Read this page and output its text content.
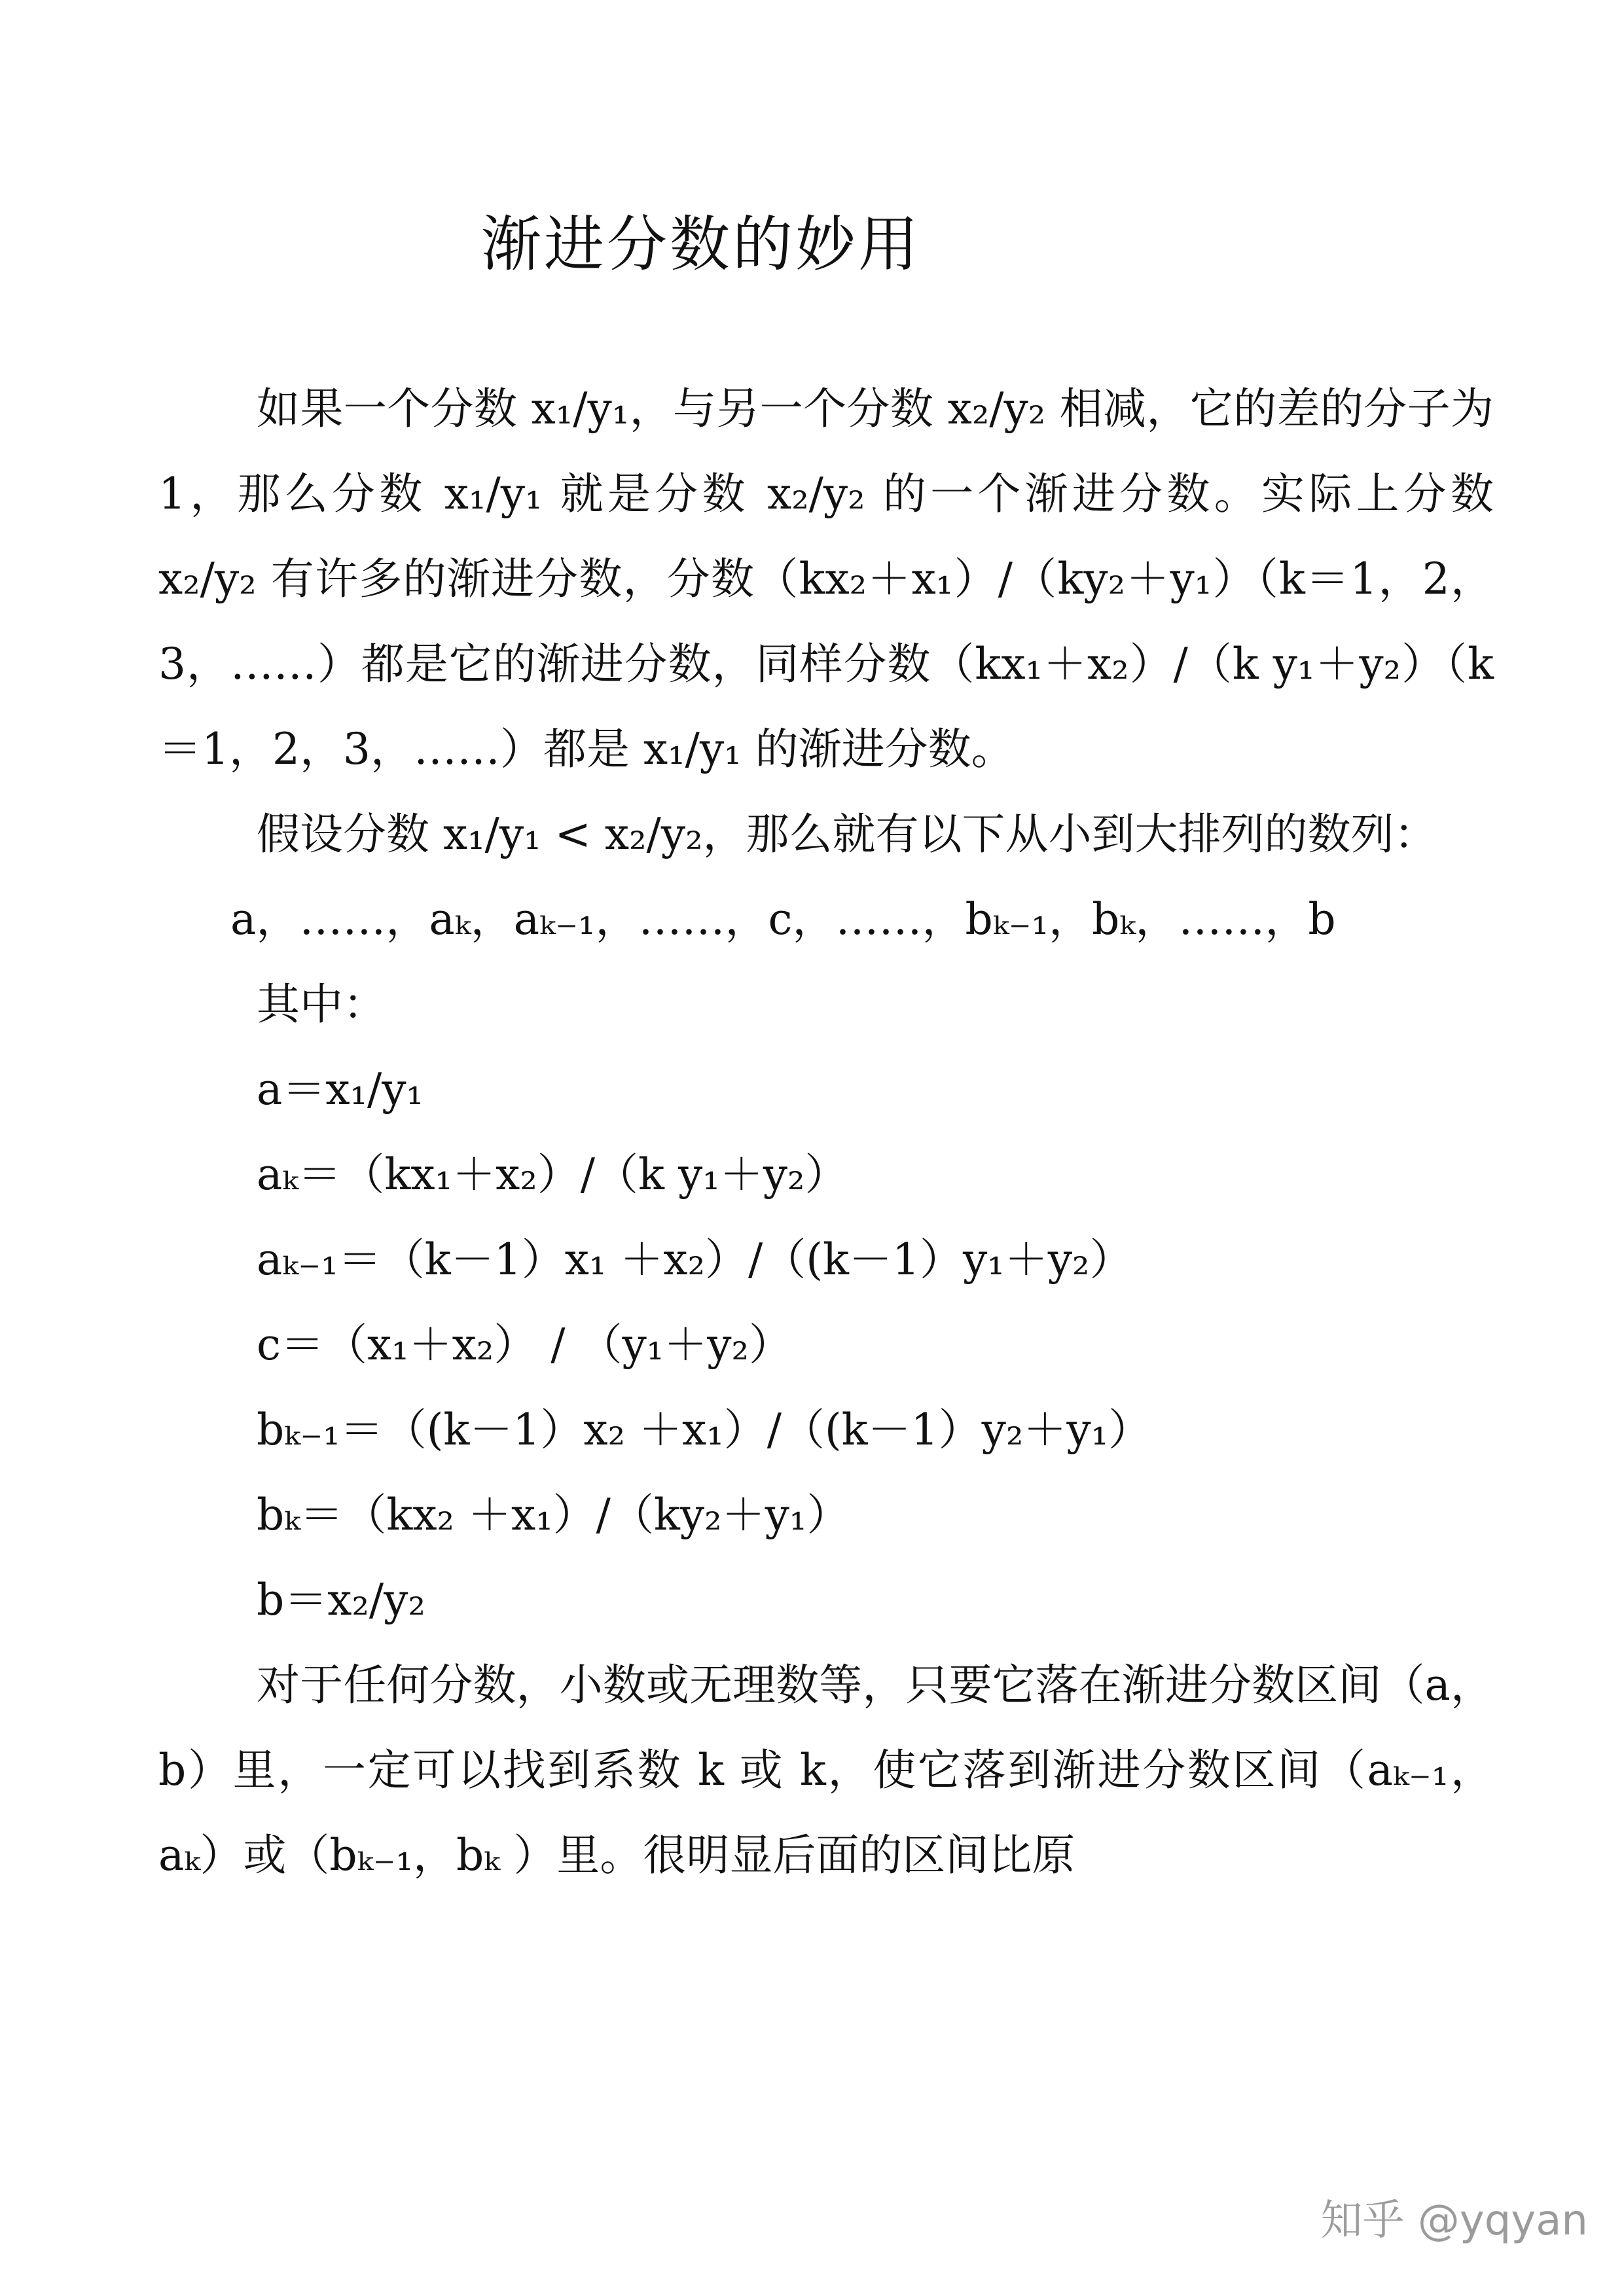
渐进分数的妙用

如果一个分数 x₁/y₁，与另一个分数 x₂/y₂ 相减，它的差的分子为 1，那么分数 x₁/y₁ 就是分数 x₂/y₂ 的一个渐进分数。实际上分数 x₂/y₂ 有许多的渐进分数，分数（kx₂＋x₁）/（ky₂＋y₁）（k＝1，2，3，……）都是它的渐进分数，同样分数（kx₁＋x₂）/（k y₁＋y₂）（k＝1，2，3，……）都是 x₁/y₁ 的渐进分数。

假设分数 x₁/y₁ < x₂/y₂，那么就有以下从小到大排列的数列：

a，……，aₖ，aₖ₋₁，……，c，……，bₖ₋₁，bₖ，……，b

其中：

a＝x₁/y₁
aₖ＝（kx₁＋x₂）/（k y₁＋y₂）
aₖ₋₁＝（k－1）x₁ ＋x₂）/（(k－1）y₁＋y₂）
c＝（x₁＋x₂） / （y₁＋y₂）
bₖ₋₁＝（(k－1）x₂ ＋x₁）/（(k－1）y₂＋y₁）
bₖ＝（kx₂ ＋x₁）/（ky₂＋y₁）
b＝x₂/y₂

对于任何分数，小数或无理数等，只要它落在渐进分数区间（a，b）里，一定可以找到系数 k 或 k，使它落到渐进分数区间（aₖ₋₁， aₖ）或（bₖ₋₁，bₖ ）里。很明显后面的区间比原

知乎 @yqyan
